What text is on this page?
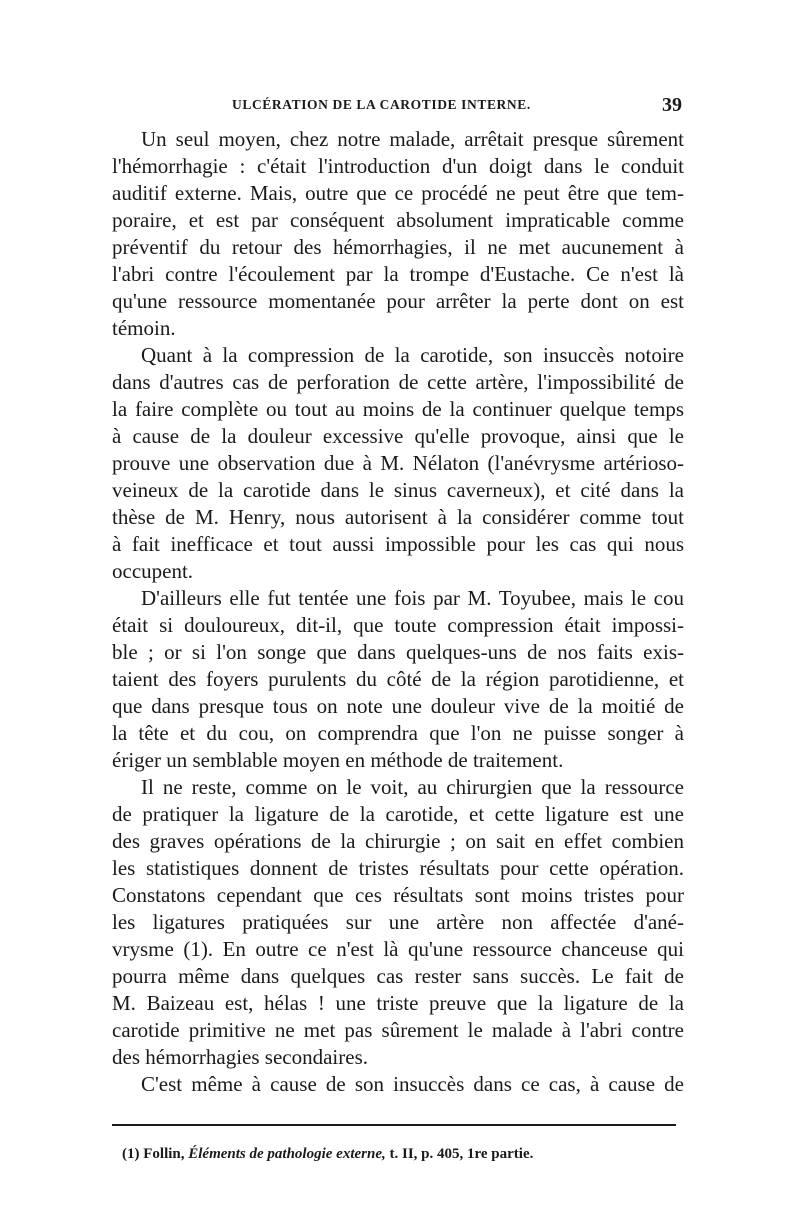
ULCÉRATION DE LA CAROTIDE INTERNE.	39
Un seul moyen, chez notre malade, arrêtait presque sûrement
l'hémorrhagie : c'était l'introduction d'un doigt dans le conduit
auditif externe. Mais, outre que ce procédé ne peut être que tem-
poraire, et est par conséquent absolument impraticable comme
préventif du retour des hémorrhagies, il ne met aucunement à
l'abri contre l'écoulement par la trompe d'Eustache. Ce n'est là
qu'une ressource momentanée pour arrêter la perte dont on est
témoin.
Quant à la compression de la carotide, son insuccès notoire
dans d'autres cas de perforation de cette artère, l'impossibilité de
la faire complète ou tout au moins de la continuer quelque temps
à cause de la douleur excessive qu'elle provoque, ainsi que le
prouve une observation due à M. Nélaton (l'anévrysme artérioso-
veineux de la carotide dans le sinus caverneux), et cité dans la
thèse de M. Henry, nous autorisent à la considérer comme tout
à fait inefficace et tout aussi impossible pour les cas qui nous
occupent.
D'ailleurs elle fut tentée une fois par M. Toyubee, mais le cou
était si douloureux, dit-il, que toute compression était impossi-
ble ; or si l'on songe que dans quelques-uns de nos faits exis-
taient des foyers purulents du côté de la région parotidienne, et
que dans presque tous on note une douleur vive de la moitié de
la tête et du cou, on comprendra que l'on ne puisse songer à
ériger un semblable moyen en méthode de traitement.
Il ne reste, comme on le voit, au chirurgien que la ressource
de pratiquer la ligature de la carotide, et cette ligature est une
des graves opérations de la chirurgie ; on sait en effet combien
les statistiques donnent de tristes résultats pour cette opération.
Constatons cependant que ces résultats sont moins tristes pour
les ligatures pratiquées sur une artère non affectée d'ané-
vrysme (1). En outre ce n'est là qu'une ressource chanceuse qui
pourra même dans quelques cas rester sans succès. Le fait de
M. Baizeau est, hélas ! une triste preuve que la ligature de la
carotide primitive ne met pas sûrement le malade à l'abri contre
des hémorrhagies secondaires.
C'est même à cause de son insuccès dans ce cas, à cause de
(1) Follin, Éléments de pathologie externe, t. II, p. 405, 1re partie.
